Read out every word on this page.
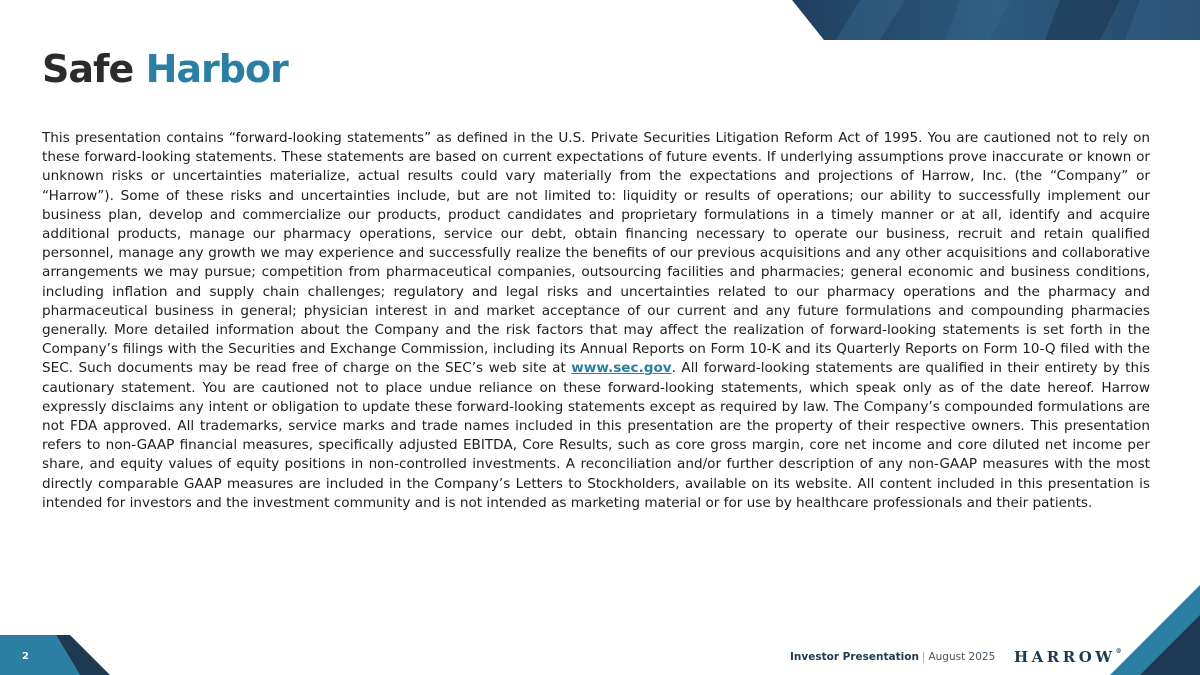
Safe Harbor

This presentation contains “forward-looking statements” as defined in the U.S. Private Securities Litigation Reform Act of 1995. You are cautioned not to rely on these forward-looking statements. These statements are based on current expectations of future events. If underlying assumptions prove inaccurate or known or unknown risks or uncertainties materialize, actual results could vary materially from the expectations and projections of Harrow, Inc. (the “Company” or “Harrow”). Some of these risks and uncertainties include, but are not limited to: liquidity or results of operations; our ability to successfully implement our business plan, develop and commercialize our products, product candidates and proprietary formulations in a timely manner or at all, identify and acquire additional products, manage our pharmacy operations, service our debt, obtain financing necessary to operate our business, recruit and retain qualified personnel, manage any growth we may experience and successfully realize the benefits of our previous acquisitions and any other acquisitions and collaborative arrangements we may pursue; competition from pharmaceutical companies, outsourcing facilities and pharmacies; general economic and business conditions, including inflation and supply chain challenges; regulatory and legal risks and uncertainties related to our pharmacy operations and the pharmacy and pharmaceutical business in general; physician interest in and market acceptance of our current and any future formulations and compounding pharmacies generally. More detailed information about the Company and the risk factors that may affect the realization of forward-looking statements is set forth in the Company’s filings with the Securities and Exchange Commission, including its Annual Reports on Form 10-K and its Quarterly Reports on Form 10-Q filed with the SEC. Such documents may be read free of charge on the SEC’s web site at www.sec.gov. All forward-looking statements are qualified in their entirety by this cautionary statement. You are cautioned not to place undue reliance on these forward-looking statements, which speak only as of the date hereof. Harrow expressly disclaims any intent or obligation to update these forward-looking statements except as required by law. The Company’s compounded formulations are not FDA approved. All trademarks, service marks and trade names included in this presentation are the property of their respective owners. This presentation refers to non-GAAP financial measures, specifically adjusted EBITDA, Core Results, such as core gross margin, core net income and core diluted net income per share, and equity values of equity positions in non-controlled investments. A reconciliation and/or further description of any non-GAAP measures with the most directly comparable GAAP measures are included in the Company’s Letters to Stockholders, available on its website. All content included in this presentation is intended for investors and the investment community and is not intended as marketing material or for use by healthcare professionals and their patients.

2	Investor Presentation | August 2025 HARROW®
